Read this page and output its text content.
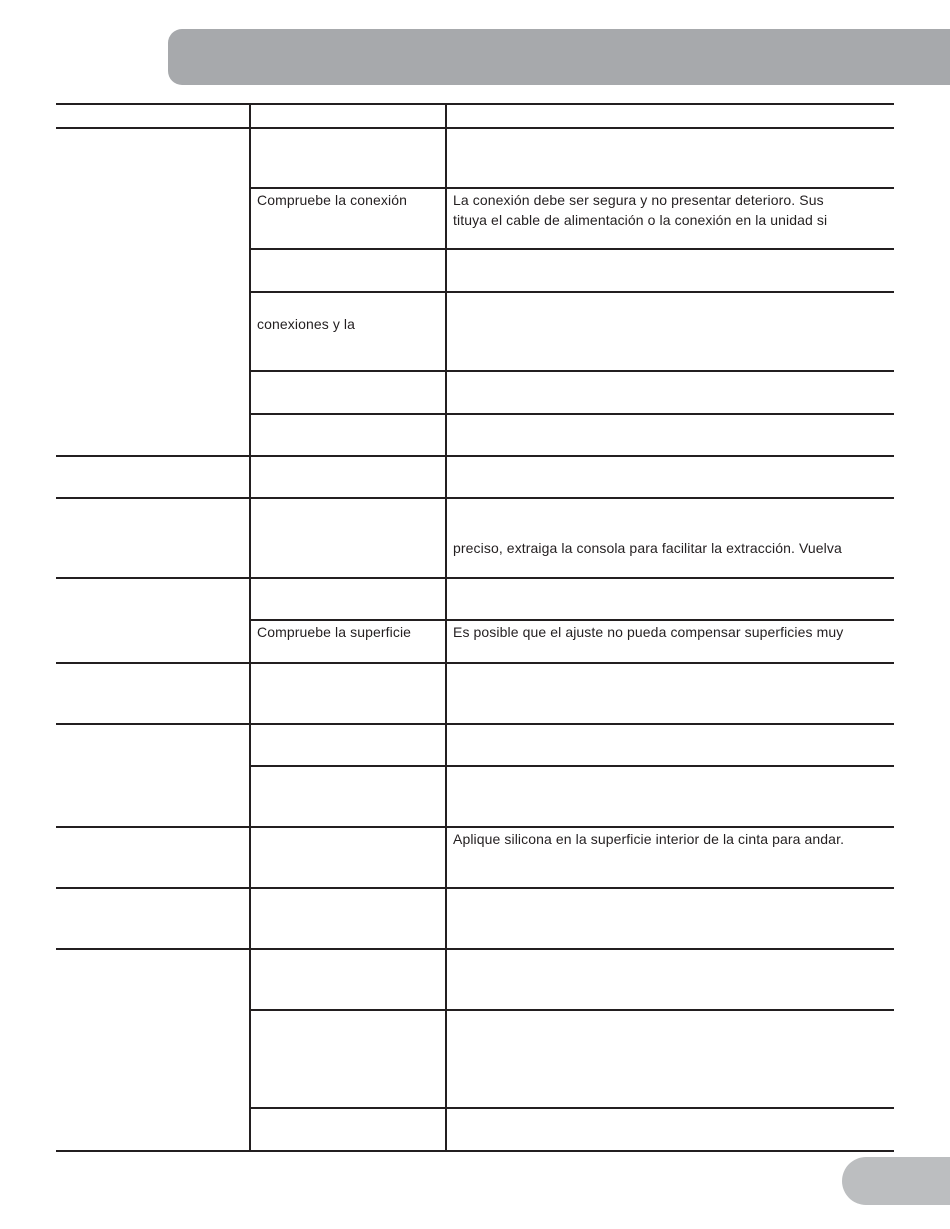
Compruebe la conexión	La conexión debe ser segura y no presentar deterioro. Sus
tituya el cable de alimentación o la conexión en la unidad si
conexiones y la
preciso, extraiga la consola para facilitar la extracción. Vuelva
Compruebe la superficie	Es posible que el ajuste no pueda compensar superficies muy
Aplique silicona en la superficie interior de la cinta para andar.
